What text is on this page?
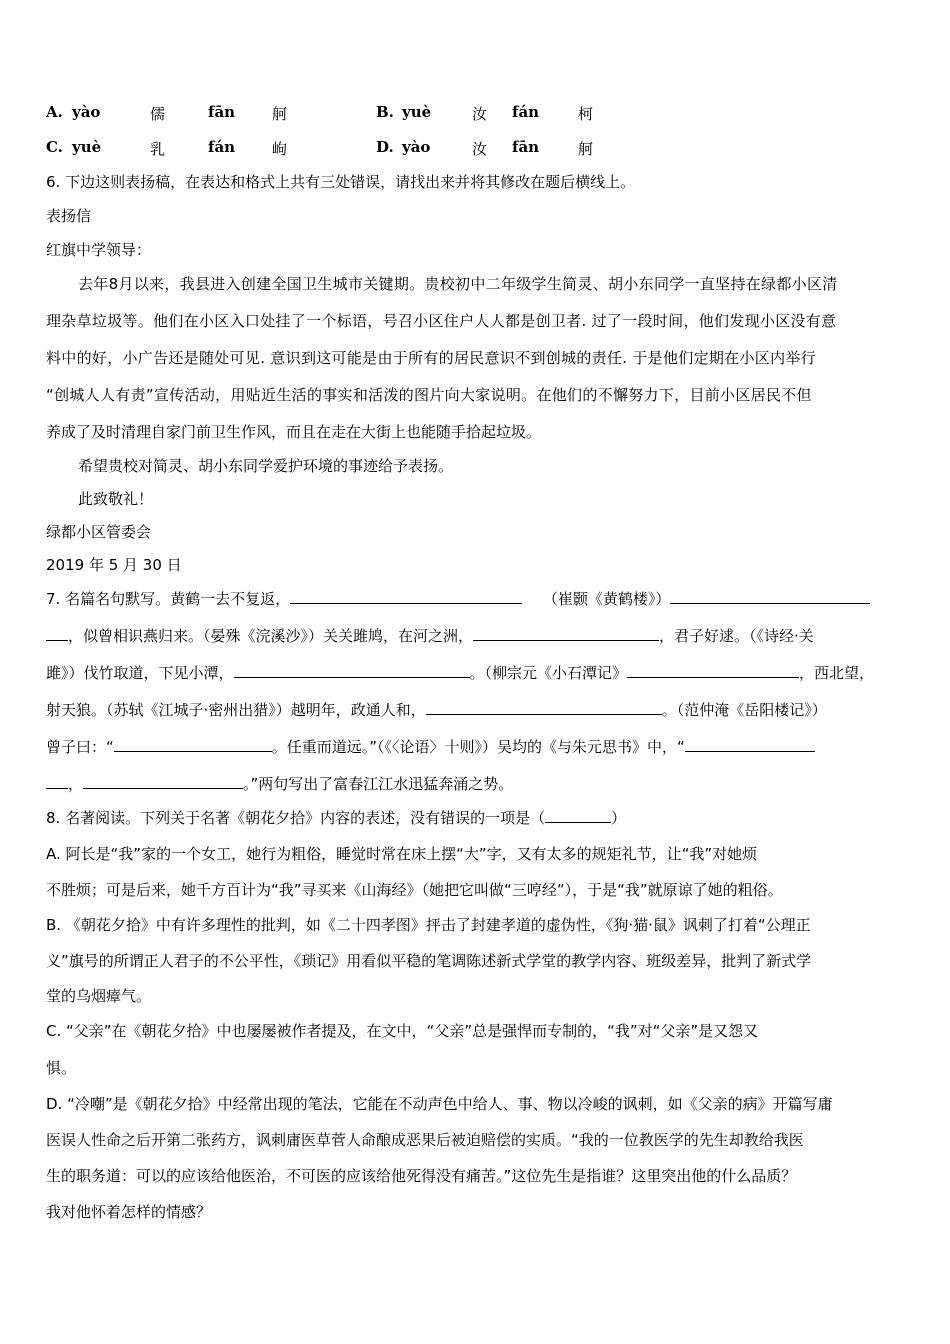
A. yào	儒	fān 舸	B. yuè	汝 fán	柯
C. yuè	乳	fán 岣	D. yào	汝 fān	舸
6. 下边这则表扬稿，在表达和格式上共有三处错误，请找出来并将其修改在题后横线上。
表扬信
红旗中学领导：
去年8月以来，我县进入创建全国卫生城市关键期。贵校初中二年级学生简灵、胡小东同学一直坚持在绿都小区清
理杂草垃圾等。他们在小区入口处挂了一个标语，号召小区住户人人都是创卫者. 过了一段时间，他们发现小区没有意
料中的好，小广告还是随处可见. 意识到这可能是由于所有的居民意识不到创城的责任. 于是他们定期在小区内举行
“创城人人有责”宣传活动，用贴近生活的事实和活泼的图片向大家说明。在他们的不懈努力下，目前小区居民不但
养成了及时清理自家门前卫生作风，而且在走在大街上也能随手拾起垃圾。
希望贵校对简灵、胡小东同学爱护环境的事迹给予表扬。
此致敬礼！
绿都小区管委会
2019 年 5 月 30 日
7. 名篇名句默写。黄鹤一去不复返，	（崔颢《黄鹤楼》）
，似曾相识燕归来。（晏殊《浣溪沙》）关关雎鸠，在河之洲，	，君子好逑。（《诗经·关
雎》）伐竹取道，下见小潭，	。（柳宗元《小石潭记》	，西北望，
射天狼。（苏轼《江城子·密州出猎》）越明年，政通人和，	。（范仲淹《岳阳楼记》）
曾子曰：“	。任重而道远。”（《〈论语〉十则》）吴均的《与朱元思书》中，“
，	。”两句写出了富春江江水迅猛奔涌之势。
8. 名著阅读。下列关于名著《朝花夕拾》内容的表述，没有错误的一项是（	）
A. 阿长是“我”家的一个女工，她行为粗俗，睡觉时常在床上摆“大”字，又有太多的规矩礼节，让“我”对她烦
不胜烦；可是后来，她千方百计为“我”寻买来《山海经》（她把它叫做“三哼经”），于是“我”就原谅了她的粗俗。
B. 《朝花夕拾》中有许多理性的批判，如《二十四孝图》抨击了封建孝道的虚伪性，《狗·猫·鼠》讽刺了打着“公理正
义”旗号的所谓正人君子的不公平性，《琐记》用看似平稳的笔调陈述新式学堂的教学内容、班级差异，批判了新式学
堂的乌烟瘴气。
C. “父亲”在《朝花夕拾》中也屡屡被作者提及，在文中，“父亲”总是强悍而专制的，“我”对“父亲”是又怨又
惧。
D. “冷嘲”是《朝花夕拾》中经常出现的笔法，它能在不动声色中给人、事、物以冷峻的讽刺，如《父亲的病》开篇写庸
医误人性命之后开第二张药方，讽刺庸医草菅人命酿成恶果后被迫赔偿的实质。“我的一位教医学的先生却教给我医
生的职务道：可以的应该给他医治，不可医的应该给他死得没有痛苦。”这位先生是指谁？这里突出他的什么品质？
我对他怀着怎样的情感？
